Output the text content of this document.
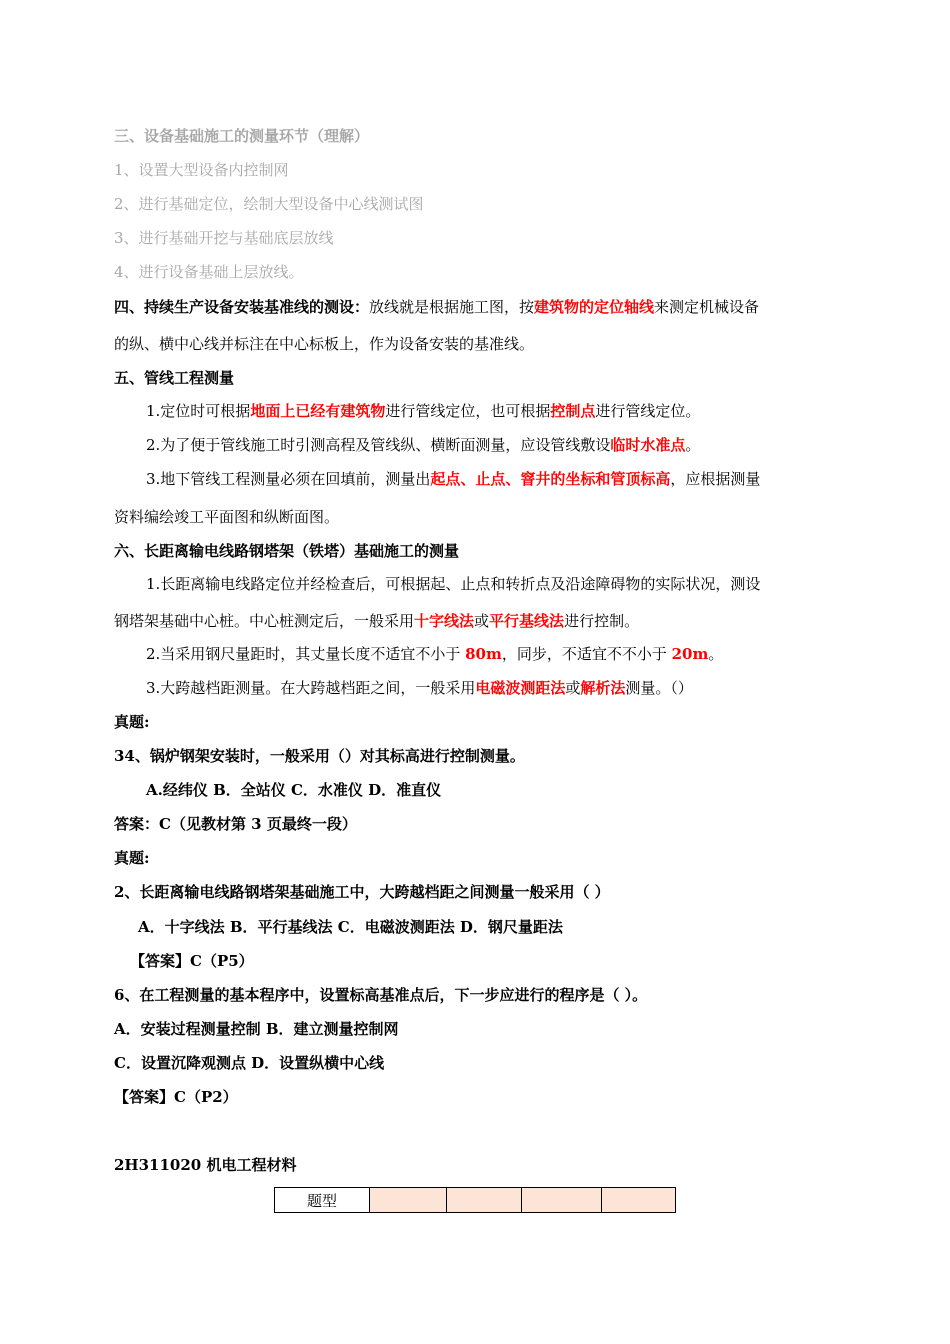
三、设备基础施工的测量环节（理解）
1、设置大型设备内控制网
2、进行基础定位，绘制大型设备中心线测试图
3、进行基础开挖与基础底层放线
4、进行设备基础上层放线。
四、持续生产设备安装基准线的测设：放线就是根据施工图，按建筑物的定位轴线来测定机械设备
的纵、横中心线并标注在中心标板上，作为设备安装的基准线。
五、管线工程测量
1.定位时可根据地面上已经有建筑物进行管线定位，也可根据控制点进行管线定位。
2.为了便于管线施工时引测高程及管线纵、横断面测量，应设管线敷设临时水准点。
3.地下管线工程测量必须在回填前，测量出起点、止点、窨井的坐标和管顶标高，应根据测量
资料编绘竣工平面图和纵断面图。
六、长距离输电线路钢塔架（铁塔）基础施工的测量
1.长距离输电线路定位并经检查后，可根据起、止点和转折点及沿途障碍物的实际状况，测设
钢塔架基础中心桩。中心桩测定后，一般采用十字线法或平行基线法进行控制。
2.当采用钢尺量距时，其丈量长度不适宜不小于 80m，同步，不适宜不不小于 20m。
3.大跨越档距测量。在大跨越档距之间，一般采用电磁波测距法或解析法测量。（）
真题:
34、锅炉钢架安装时，一般采用（）对其标高进行控制测量。
A.经纬仪 B．全站仪 C．水准仪 D．准直仪
答案：C（见教材第 3 页最终一段）
真题:
2、长距离输电线路钢塔架基础施工中，大跨越档距之间测量一般采用（ ）
A．十字线法 B．平行基线法 C．电磁波测距法 D．钢尺量距法
【答案】C（P5）
6、在工程测量的基本程序中，设置标高基准点后，下一步应进行的程序是（ ）。
A．安装过程测量控制 B．建立测量控制网
C．设置沉降观测点 D．设置纵横中心线
【答案】C（P2）
2H311020 机电工程材料
题型				
